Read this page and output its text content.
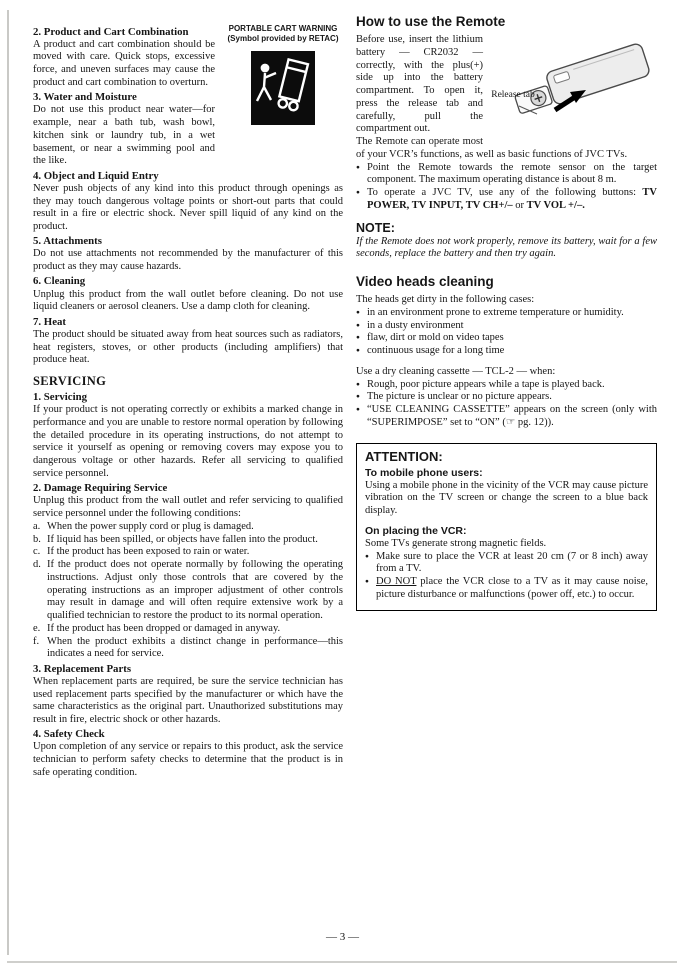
PORTABLE CART WARNING
(Symbol provided by RETAC)
2. Product and Cart Combination

A product and cart combination should be moved with care. Quick stops, excessive force, and uneven surfaces may cause the product and cart combination to overturn.

3. Water and Moisture

Do not use this product near water—for example, near a bath tub, wash bowl, kitchen sink or laundry tub, in a wet basement, or near a swimming pool and the like.

4. Object and Liquid Entry

Never push objects of any kind into this product through openings as they may touch dangerous voltage points or short-out parts that could result in a fire or electric shock. Never spill liquid of any kind on the product.

5. Attachments

Do not use attachments not recommended by the manufacturer of this product as they may cause hazards.

6. Cleaning

Unplug this product from the wall outlet before cleaning. Do not use liquid cleaners or aerosol cleaners. Use a damp cloth for cleaning.

7. Heat

The product should be situated away from heat sources such as radiators, heat registers, stoves, or other products (including amplifiers) that produce heat.

SERVICING
1. Servicing

If your product is not operating correctly or exhibits a marked change in performance and you are unable to restore normal operation by following the detailed procedure in its operating instructions, do not attempt to service it yourself as opening or removing covers may expose you to dangerous voltage or other hazards. Refer all servicing to qualified service personnel.

2. Damage Requiring Service

Unplug this product from the wall outlet and refer servicing to qualified service personnel under the following conditions:

a. When the power supply cord or plug is damaged.
b. If liquid has been spilled, or objects have fallen into the product.
c. If the product has been exposed to rain or water.
d. If the product does not operate normally by following the operating instructions. Adjust only those controls that are covered by the operating instructions as an improper adjustment of other controls may result in damage and will often require extensive work by a qualified technician to restore the product to its normal operation.
e. If the product has been dropped or damaged in anyway.
f. When the product exhibits a distinct change in performance—this indicates a need for service.
3. Replacement Parts

When replacement parts are required, be sure the service technician has used replacement parts specified by the manufacturer or which have the same characteristics as the original part. Unauthorized substitutions may result in fire, electric shock or other hazards.

4. Safety Check

Upon completion of any service or repairs to this product, ask the service technician to perform safety checks to determine that the product is in safe operating condition.

How to use the Remote
Release tab

Before use, insert the lithium battery — CR2032 — correctly, with the plus(+) side up into the battery compartment. To open it, press the release tab and carefully, pull the compartment out.

The Remote can operate most of your VCR’s functions, as well as basic functions of JVC TVs.

● Point the Remote towards the remote sensor on the target component. The maximum operating distance is about 8 m.
● To operate a JVC TV, use any of the following buttons: TV POWER, TV INPUT, TV CH+/– or TV VOL +/–.
NOTE:

If the Remote does not work properly, remove its battery, wait for a few seconds, replace the battery and then try again.

Video heads cleaning

The heads get dirty in the following cases:

● in an environment prone to extreme temperature or humidity.
● in a dusty environment
● flaw, dirt or mold on video tapes
● continuous usage for a long time

Use a dry cleaning cassette — TCL-2 — when:

● Rough, poor picture appears while a tape is played back.
● The picture is unclear or no picture appears.
● “USE CLEANING CASSETTE” appears on the screen (only with “SUPERIMPOSE” set to “ON” (☞ pg. 12)).
ATTENTION:
To mobile phone users:

Using a mobile phone in the vicinity of the VCR may cause picture vibration on the TV screen or change the screen to a blue back display.

On placing the VCR:

Some TVs generate strong magnetic fields.

● Make sure to place the VCR at least 20 cm (7 or 8 inch) away from a TV.
● DO NOT place the VCR close to a TV as it may cause noise, picture disturbance or malfunctions (power off, etc.) to occur.
— 3 —
